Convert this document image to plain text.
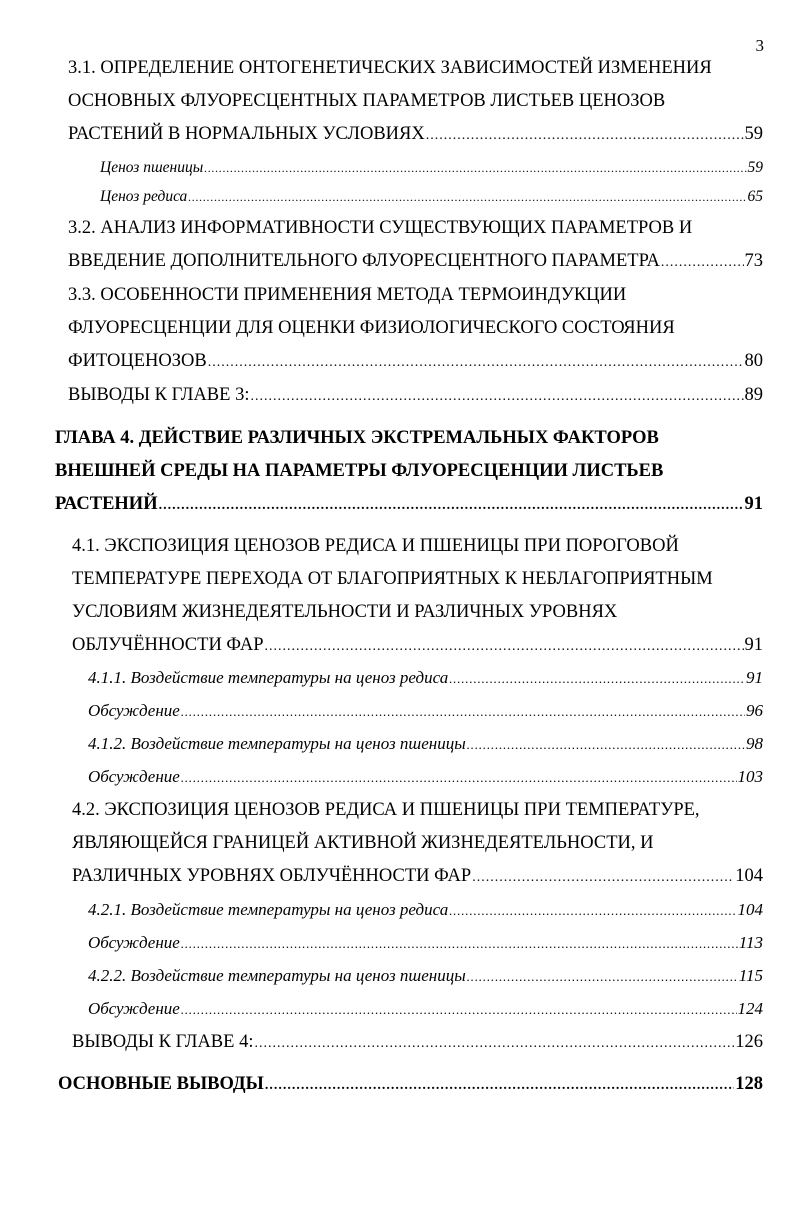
3
3.1. ОПРЕДЕЛЕНИЕ ОНТОГЕНЕТИЧЕСКИХ ЗАВИСИМОСТЕЙ ИЗМЕНЕНИЯ
ОСНОВНЫХ ФЛУОРЕСЦЕНТНЫХ ПАРАМЕТРОВ ЛИСТЬЕВ ЦЕНОЗОВ
РАСТЕНИЙ В НОРМАЛЬНЫХ УСЛОВИЯХ .....	59
Ценоз пшеницы .....	59
Ценоз редиса .....	65
3.2. АНАЛИЗ ИНФОРМАТИВНОСТИ СУЩЕСТВУЮЩИХ ПАРАМЕТРОВ И
ВВЕДЕНИЕ ДОПОЛНИТЕЛЬНОГО ФЛУОРЕСЦЕНТНОГО ПАРАМЕТРА .....	73
3.3. ОСОБЕННОСТИ ПРИМЕНЕНИЯ МЕТОДА ТЕРМОИНДУКЦИИ
ФЛУОРЕСЦЕНЦИИ ДЛЯ ОЦЕНКИ ФИЗИОЛОГИЧЕСКОГО СОСТОЯНИЯ
ФИТОЦЕНОЗОВ .....	80
ВЫВОДЫ К ГЛАВЕ 3: .....	89
ГЛАВА 4. ДЕЙСТВИЕ РАЗЛИЧНЫХ ЭКСТРЕМАЛЬНЫХ ФАКТОРОВ
ВНЕШНЕЙ СРЕДЫ НА ПАРАМЕТРЫ ФЛУОРЕСЦЕНЦИИ ЛИСТЬЕВ
РАСТЕНИЙ .....	91
4.1. ЭКСПОЗИЦИЯ ЦЕНОЗОВ РЕДИСА И ПШЕНИЦЫ ПРИ ПОРОГОВОЙ
ТЕМПЕРАТУРЕ ПЕРЕХОДА ОТ БЛАГОПРИЯТНЫХ К НЕБЛАГОПРИЯТНЫМ
УСЛОВИЯМ ЖИЗНЕДЕЯТЕЛЬНОСТИ И РАЗЛИЧНЫХ УРОВНЯХ
ОБЛУЧЁННОСТИ ФАР .....	91
4.1.1. Воздействие температуры на ценоз редиса .....	91
Обсуждение .....	96
4.1.2. Воздействие температуры на ценоз пшеницы .....	98
Обсуждение .....	103
4.2. ЭКСПОЗИЦИЯ ЦЕНОЗОВ РЕДИСА И ПШЕНИЦЫ ПРИ ТЕМПЕРАТУРЕ,
ЯВЛЯЮЩЕЙСЯ ГРАНИЦЕЙ АКТИВНОЙ ЖИЗНЕДЕЯТЕЛЬНОСТИ, И
РАЗЛИЧНЫХ УРОВНЯХ ОБЛУЧЁННОСТИ ФАР .....	104
4.2.1. Воздействие температуры на ценоз редиса .....	104
Обсуждение .....	113
4.2.2. Воздействие температуры на ценоз пшеницы .....	115
Обсуждение .....	124
ВЫВОДЫ К ГЛАВЕ 4: .....	126
ОСНОВНЫЕ ВЫВОДЫ .....	128
